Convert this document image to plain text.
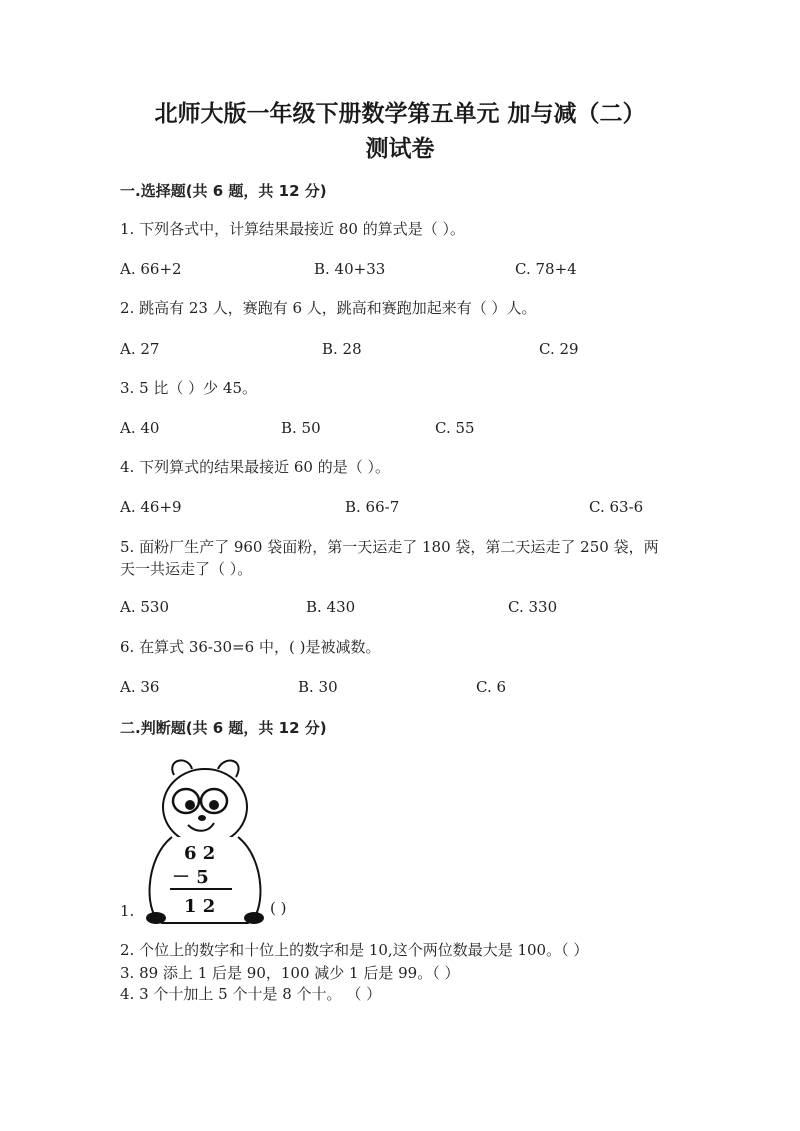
北师大版一年级下册数学第五单元 加与减（二）
测试卷
一.选择题(共 6 题，共 12 分)
1. 下列各式中，计算结果最接近 80 的算式是（ ）。
A. 66+2	B. 40+33	C. 78+4
2. 跳高有 23 人，赛跑有 6 人，跳高和赛跑加起来有（ ）人。
A. 27	B. 28	C. 29
3. 5 比（ ）少 45。
A. 40	B. 50	C. 55
4. 下列算式的结果最接近 60 的是（ ）。
A. 46+9	B. 66-7	C. 63-6
5. 面粉厂生产了 960 袋面粉，第一天运走了 180 袋，第二天运走了 250 袋，两
天一共运走了（ ）。
A. 530	B. 430	C. 330
6. 在算式 36-30=6 中，( )是被减数。
A. 36	B. 30	C. 6
二.判断题(共 6 题，共 12 分)
1.
6 2
－ 5
1 2	( )
2. 个位上的数字和十位上的数字和是 10,这个两位数最大是 100。（ ）
3. 89 添上 1 后是 90，100 减少 1 后是 99。（ ）
4. 3 个十加上 5 个十是 8 个十。 （ ）
